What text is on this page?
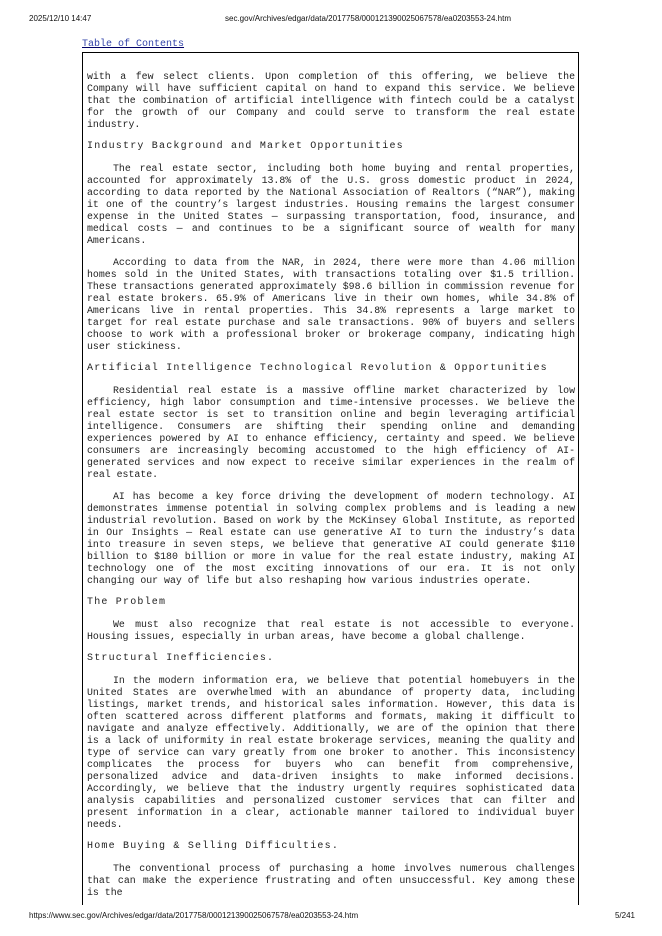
2025/12/10 14:47	sec.gov/Archives/edgar/data/2017758/000121390025067578/ea0203553-24.htm
Table of Contents

with a few select clients. Upon completion of this offering, we believe the Company will have sufficient capital on hand to expand this service. We believe that the combination of artificial intelligence with fintech could be a catalyst for the growth of our Company and could serve to transform the real estate industry.

Industry Background and Market Opportunities

The real estate sector, including both home buying and rental properties, accounted for approximately 13.8% of the U.S. gross domestic product in 2024, according to data reported by the National Association of Realtors (“NAR”), making it one of the country’s largest industries. Housing remains the largest consumer expense in the United States — surpassing transportation, food, insurance, and medical costs — and continues to be a significant source of wealth for many Americans.

According to data from the NAR, in 2024, there were more than 4.06 million homes sold in the United States, with transactions totaling over $1.5 trillion. These transactions generated approximately $98.6 billion in commission revenue for real estate brokers. 65.9% of Americans live in their own homes, while 34.8% of Americans live in rental properties. This 34.8% represents a large market to target for real estate purchase and sale transactions. 90% of buyers and sellers choose to work with a professional broker or brokerage company, indicating high user stickiness.

Artificial Intelligence Technological Revolution & Opportunities

Residential real estate is a massive offline market characterized by low efficiency, high labor consumption and time-intensive processes. We believe the real estate sector is set to transition online and begin leveraging artificial intelligence. Consumers are shifting their spending online and demanding experiences powered by AI to enhance efficiency, certainty and speed. We believe consumers are increasingly becoming accustomed to the high efficiency of AI-generated services and now expect to receive similar experiences in the realm of real estate.

AI has become a key force driving the development of modern technology. AI demonstrates immense potential in solving complex problems and is leading a new industrial revolution. Based on work by the McKinsey Global Institute, as reported in Our Insights — Real estate can use generative AI to turn the industry’s data into treasure in seven steps, we believe that generative AI could generate $110 billion to $180 billion or more in value for the real estate industry, making AI technology one of the most exciting innovations of our era. It is not only changing our way of life but also reshaping how various industries operate.

The Problem

We must also recognize that real estate is not accessible to everyone. Housing issues, especially in urban areas, have become a global challenge.

Structural Inefficiencies.

In the modern information era, we believe that potential homebuyers in the United States are overwhelmed with an abundance of property data, including listings, market trends, and historical sales information. However, this data is often scattered across different platforms and formats, making it difficult to navigate and analyze effectively. Additionally, we are of the opinion that there is a lack of uniformity in real estate brokerage services, meaning the quality and type of service can vary greatly from one broker to another. This inconsistency complicates the process for buyers who can benefit from comprehensive, personalized advice and data-driven insights to make informed decisions. Accordingly, we believe that the industry urgently requires sophisticated data analysis capabilities and personalized customer services that can filter and present information in a clear, actionable manner tailored to individual buyer needs.

Home Buying & Selling Difficulties.

The conventional process of purchasing a home involves numerous challenges that can make the experience frustrating and often unsuccessful. Key among these is the

https://www.sec.gov/Archives/edgar/data/2017758/000121390025067578/ea0203553-24.htm	5/241
